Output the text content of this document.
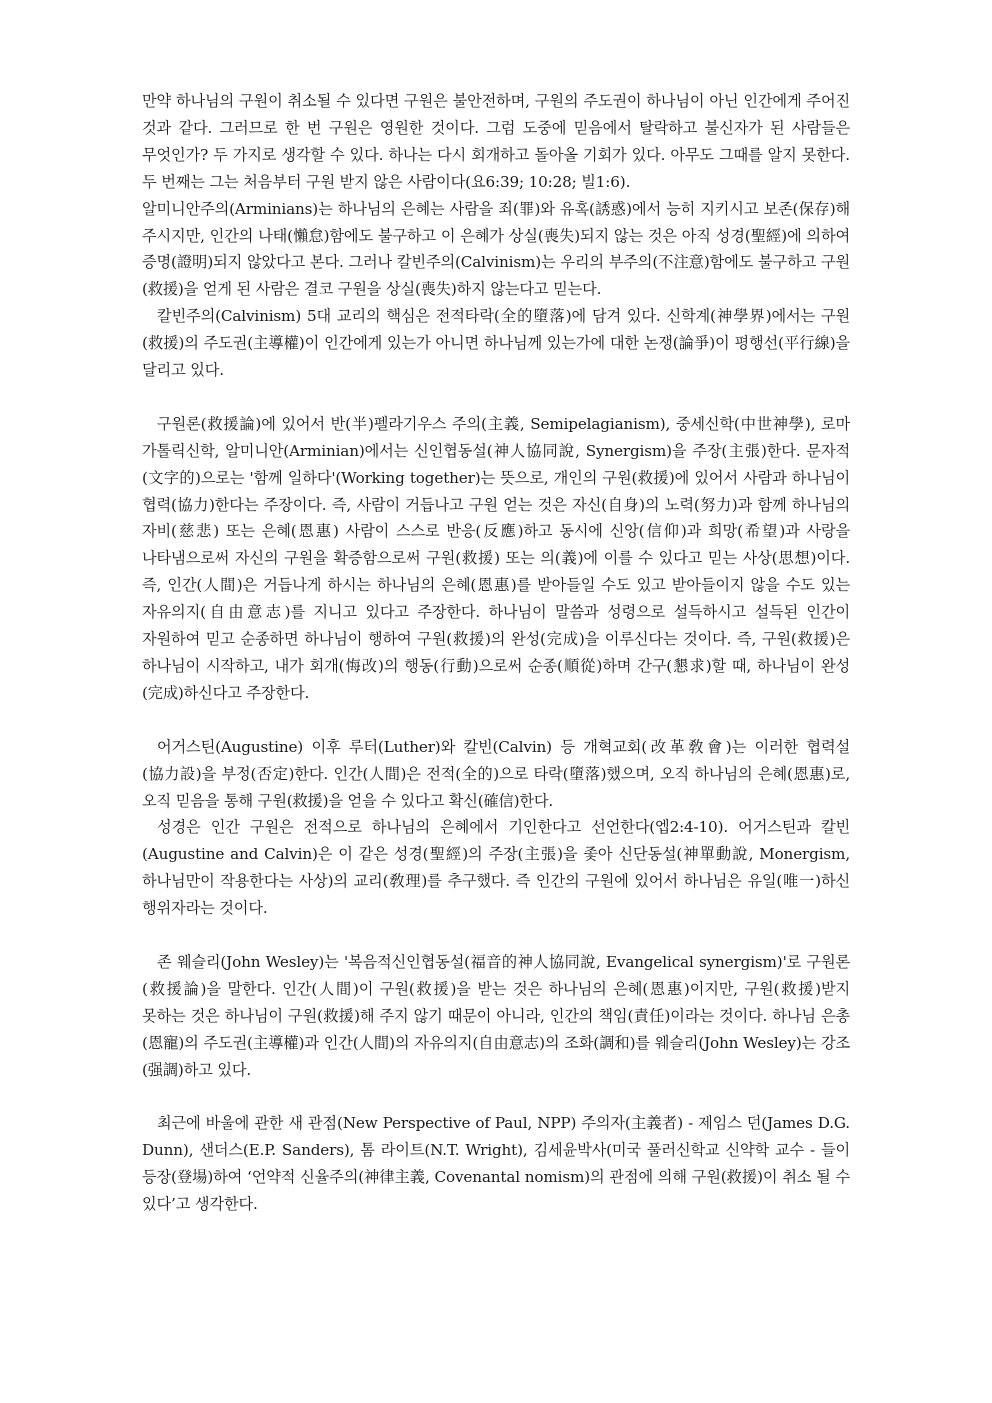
만약 하나님의 구원이 취소될 수 있다면 구원은 불안전하며, 구원의 주도권이 하나님이 아닌 인간에게 주어진 것과 같다. 그러므로 한 번 구원은 영원한 것이다. 그럼 도중에 믿음에서 탈락하고 불신자가 된 사람들은 무엇인가? 두 가지로 생각할 수 있다. 하나는 다시 회개하고 돌아올 기회가 있다. 아무도 그때를 알지 못한다. 두 번째는 그는 처음부터 구원 받지 않은 사람이다(요6:39; 10:28; 빌1:6).

알미니안주의(Arminians)는 하나님의 은혜는 사람을 죄(罪)와 유혹(誘惑)에서 능히 지키시고 보존(保存)해 주시지만, 인간의 나태(懶怠)함에도 불구하고 이 은혜가 상실(喪失)되지 않는 것은 아직 성경(聖經)에 의하여 증명(證明)되지 않았다고 본다. 그러나 칼빈주의(Calvinism)는 우리의 부주의(不注意)함에도 불구하고 구원(救援)을 얻게 된 사람은 결코 구원을 상실(喪失)하지 않는다고 믿는다.

칼빈주의(Calvinism) 5대 교리의 핵심은 전적타락(全的墮落)에 담겨 있다. 신학계(神學界)에서는 구원(救援)의 주도권(主導權)이 인간에게 있는가 아니면 하나님께 있는가에 대한 논쟁(論爭)이 평행선(平行線)을 달리고 있다.

구원론(救援論)에 있어서 반(半)펠라기우스 주의(主義, Semipelagianism), 중세신학(中世神學), 로마 가톨릭신학, 알미니안(Arminian)에서는 신인협동설(神人協同說, Synergism)을 주장(主張)한다. 문자적(文字的)으로는 '함께 일하다'(Working together)는 뜻으로, 개인의 구원(救援)에 있어서 사람과 하나님이 협력(協力)한다는 주장이다. 즉, 사람이 거듭나고 구원 얻는 것은 자신(自身)의 노력(努力)과 함께 하나님의 자비(慈悲) 또는 은혜(恩惠) 사람이 스스로 반응(反應)하고 동시에 신앙(信仰)과 희망(希望)과 사랑을 나타냄으로써 자신의 구원을 확증함으로써 구원(救援) 또는 의(義)에 이를 수 있다고 믿는 사상(思想)이다. 즉, 인간(人間)은 거듭나게 하시는 하나님의 은혜(恩惠)를 받아들일 수도 있고 받아들이지 않을 수도 있는 자유의지(自由意志)를 지니고 있다고 주장한다. 하나님이 말씀과 성령으로 설득하시고 설득된 인간이 자원하여 믿고 순종하면 하나님이 행하여 구원(救援)의 완성(完成)을 이루신다는 것이다. 즉, 구원(救援)은 하나님이 시작하고, 내가 회개(悔改)의 행동(行動)으로써 순종(順從)하며 간구(懇求)할 때, 하나님이 완성(完成)하신다고 주장한다.

어거스틴(Augustine) 이후 루터(Luther)와 칼빈(Calvin) 등 개혁교회(改革敎會)는 이러한 협력설(協力設)을 부정(否定)한다. 인간(人間)은 전적(全的)으로 타락(墮落)했으며, 오직 하나님의 은혜(恩惠)로, 오직 믿음을 통해 구원(救援)을 얻을 수 있다고 확신(確信)한다.

성경은 인간 구원은 전적으로 하나님의 은혜에서 기인한다고 선언한다(엡2:4-10). 어거스틴과 칼빈(Augustine and Calvin)은 이 같은 성경(聖經)의 주장(主張)을 좇아 신단동설(神單動說, Monergism, 하나님만이 작용한다는 사상)의 교리(敎理)를 추구했다. 즉 인간의 구원에 있어서 하나님은 유일(唯一)하신 행위자라는 것이다.

존 웨슬리(John Wesley)는 '복음적신인협동설(福音的神人協同說, Evangelical synergism)'로 구원론(救援論)을 말한다. 인간(人間)이 구원(救援)을 받는 것은 하나님의 은혜(恩惠)이지만, 구원(救援)받지 못하는 것은 하나님이 구원(救援)해 주지 않기 때문이 아니라, 인간의 책임(責任)이라는 것이다. 하나님 은총(恩寵)의 주도권(主導權)과 인간(人間)의 자유의지(自由意志)의 조화(調和)를 웨슬리(John Wesley)는 강조(强調)하고 있다.

최근에 바울에 관한 새 관점(New Perspective of Paul, NPP) 주의자(主義者) - 제임스 던(James D.G. Dunn), 샌더스(E.P. Sanders), 톰 라이트(N.T. Wright), 김세윤박사(미국 풀러신학교 신약학 교수 - 들이 등장(登場)하여 ‘언약적 신율주의(神律主義, Covenantal nomism)의 관점에 의해 구원(救援)이 취소 될 수 있다’고 생각한다.
